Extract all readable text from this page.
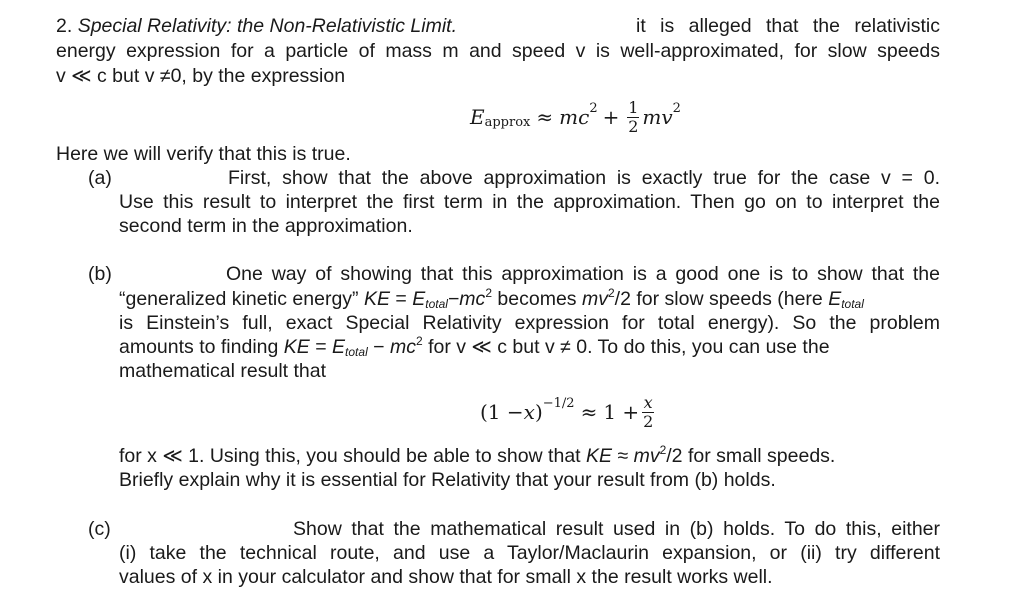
2. Special Relativity: the Non-Relativistic Limit.	it is alleged that the relativistic
energy expression for a particle of mass m and speed v is well-approximated, for slow speeds
v ≪ c but v ≠0, by the expression
E approx ≈ mc $2 + \frac{1}{2}$ mv 2
Here we will verify that this is true.
(a)	First, show that the above approximation is exactly true for the case v = 0.
Use this result to interpret the first term in the approximation. Then go on to interpret the
second term in the approximation.
(b)	One way of showing that this approximation is a good one is to show that the
“generalized kinetic energy” KE = $Etotal-mc^2$ becomes $mv^2/2$ for slow speeds (here Etotal
is Einstein’s full, exact Special Relativity expression for total energy). So the problem
amounts to finding KE = Etotal − $mc^2$ for v ≪ c but v ≠ 0. To do this, you can use the
mathematical result that
(1 − x ) $-1/2 \approx 1 + \frac{x}{2}$
for x ≪ 1. Using this, you should be able to show that KE ≈ $mv^2/2$ for small speeds.
Briefly explain why it is essential for Relativity that your result from (b) holds.
(c)	Show that the mathematical result used in (b) holds. To do this, either
(i) take the technical route, and use a Taylor/Maclaurin expansion, or (ii) try different
values of x in your calculator and show that for small x the result works well.
